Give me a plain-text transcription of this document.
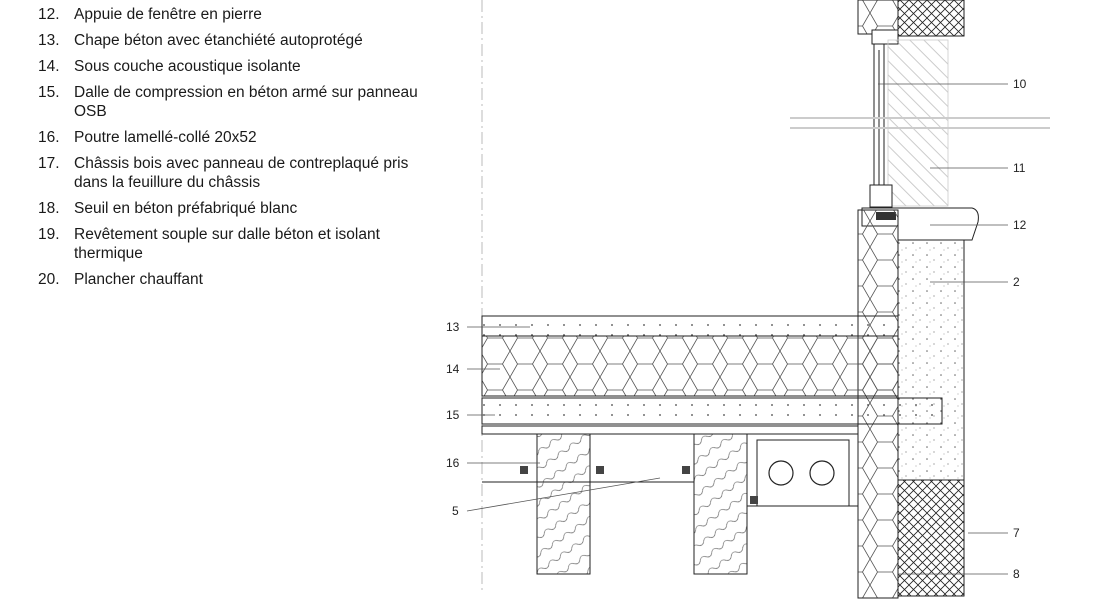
12. Appuie de fenêtre en pierre
13. Chape béton avec étanchiété autoprotégé
14. Sous couche acoustique isolante
15. Dalle de compression en béton armé sur panneau OSB
16. Poutre lamellé-collé 20x52
17. Châssis bois avec panneau de contreplaqué pris dans la feuillure du châssis
18. Seuil en béton préfabriqué blanc
19. Revêtement souple sur dalle béton et isolant thermique
20. Plancher chauffant
13
14
15
16
5
10
11
12
2
7
8
